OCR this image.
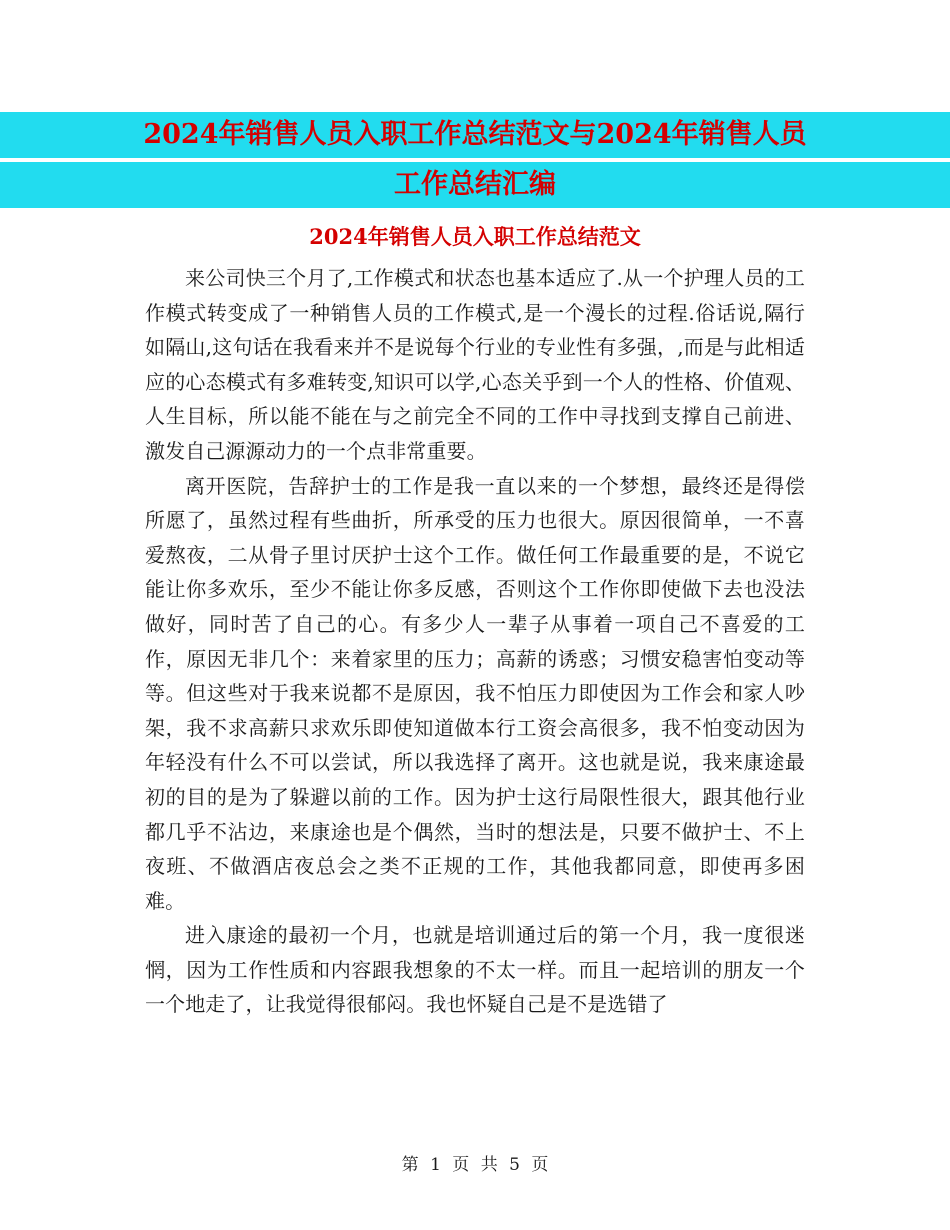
2024年销售人员入职工作总结范文与2024年销售人员
工作总结汇编
2024年销售人员入职工作总结范文

来公司快三个月了,工作模式和状态也基本适应了.从一个护理人员的工作模式转变成了一种销售人员的工作模式,是一个漫长的过程.俗话说,隔行如隔山,这句话在我看来并不是说每个行业的专业性有多强，,而是与此相适应的心态模式有多难转变,知识可以学,心态关乎到一个人的性格、价值观、人生目标，所以能不能在与之前完全不同的工作中寻找到支撑自己前进、激发自己源源动力的一个点非常重要。

离开医院，告辞护士的工作是我一直以来的一个梦想，最终还是得偿所愿了，虽然过程有些曲折，所承受的压力也很大。原因很简单，一不喜爱熬夜，二从骨子里讨厌护士这个工作。做任何工作最重要的是，不说它能让你多欢乐，至少不能让你多反感，否则这个工作你即使做下去也没法做好，同时苦了自己的心。有多少人一辈子从事着一项自己不喜爱的工作，原因无非几个：来着家里的压力；高薪的诱惑；习惯安稳害怕变动等等。但这些对于我来说都不是原因，我不怕压力即使因为工作会和家人吵架，我不求高薪只求欢乐即使知道做本行工资会高很多，我不怕变动因为年轻没有什么不可以尝试，所以我选择了离开。这也就是说，我来康途最初的目的是为了躲避以前的工作。因为护士这行局限性很大，跟其他行业都几乎不沾边，来康途也是个偶然，当时的想法是，只要不做护士、不上夜班、不做酒店夜总会之类不正规的工作，其他我都同意，即使再多困难。

进入康途的最初一个月，也就是培训通过后的第一个月，我一度很迷惘，因为工作性质和内容跟我想象的不太一样。而且一起培训的朋友一个一个地走了，让我觉得很郁闷。我也怀疑自己是不是选错了

第 1 页 共 5 页
